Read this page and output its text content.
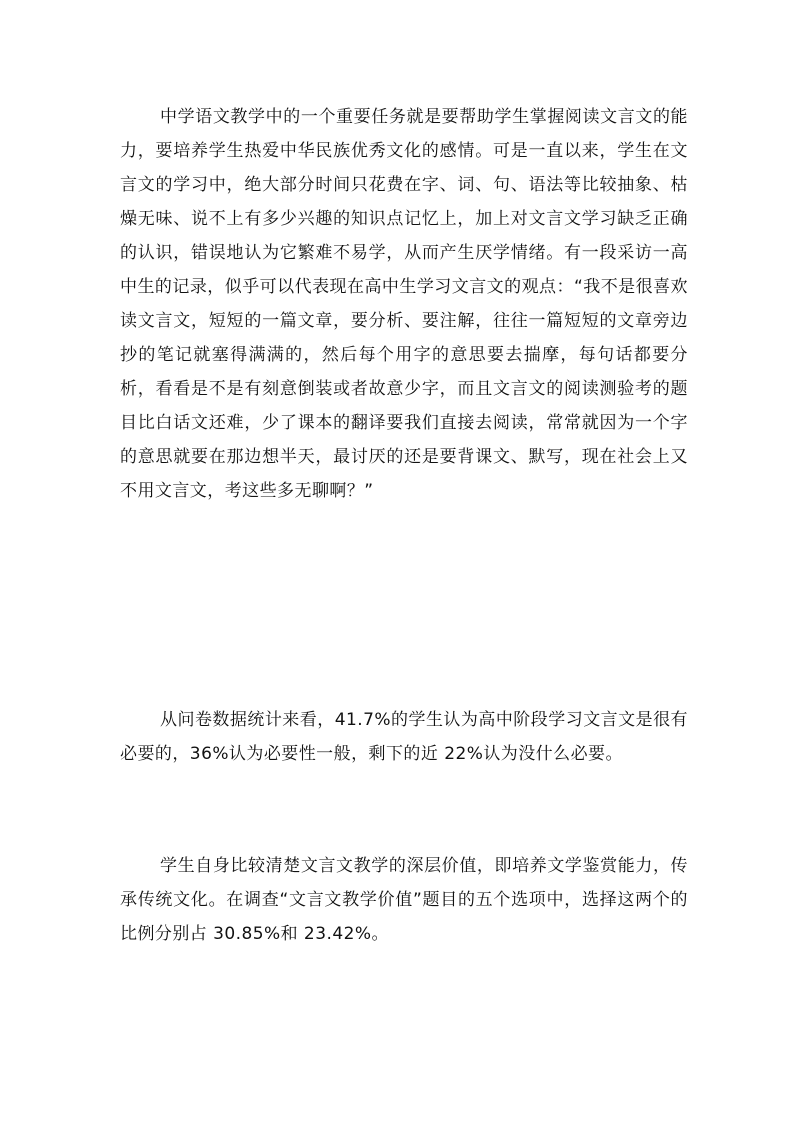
中学语文教学中的一个重要任务就是要帮助学生掌握阅读文言文的能力，要培养学生热爱中华民族优秀文化的感情。可是一直以来，学生在文言文的学习中，绝大部分时间只花费在字、词、句、语法等比较抽象、枯燥无味、说不上有多少兴趣的知识点记忆上，加上对文言文学习缺乏正确的认识，错误地认为它繁难不易学，从而产生厌学情绪。有一段采访一高中生的记录，似乎可以代表现在高中生学习文言文的观点：“我不是很喜欢读文言文，短短的一篇文章，要分析、要注解，往往一篇短短的文章旁边抄的笔记就塞得满满的，然后每个用字的意思要去揣摩，每句话都要分析，看看是不是有刻意倒装或者故意少字，而且文言文的阅读测验考的题目比白话文还难，少了课本的翻译要我们直接去阅读，常常就因为一个字的意思就要在那边想半天，最讨厌的还是要背课文、默写，现在社会上又不用文言文，考这些多无聊啊？”

从问卷数据统计来看，41.7%的学生认为高中阶段学习文言文是很有必要的，36%认为必要性一般，剩下的近 22%认为没什么必要。

学生自身比较清楚文言文教学的深层价值，即培养文学鉴赏能力，传承传统文化。在调查“文言文教学价值”题目的五个选项中，选择这两个的比例分别占 30.85%和 23.42%。
